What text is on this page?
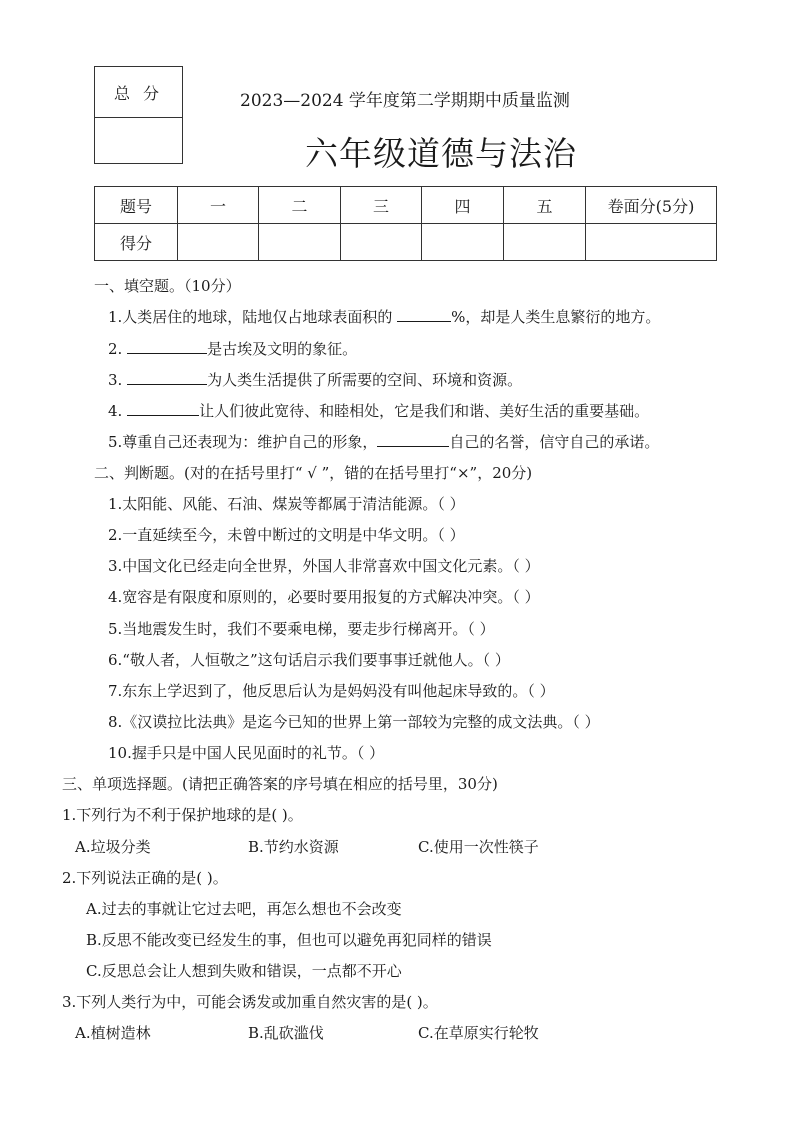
总 分	2023—2024 学年度第二学期期中质量监测
六年级道德与法治
题号	一	二	三	四	五	卷面分(5分)
得分						
一、填空题。（10分）
1.人类居住的地球，陆地仅占地球表面积的	%，却是人类生息繁衍的地方。
2.	是古埃及文明的象征。
3.	为人类生活提供了所需要的空间、环境和资源。
4.	让人们彼此宽待、和睦相处，它是我们和谐、美好生活的重要基础。
5.尊重自己还表现为：维护自己的形象，	自己的名誉，信守自己的承诺。
二、判断题。(对的在括号里打“ √ ”，错的在括号里打“×”，20分)
1.太阳能、风能、石油、煤炭等都属于清洁能源。（ ）
2.一直延续至今，未曾中断过的文明是中华文明。（ ）
3.中国文化已经走向全世界，外国人非常喜欢中国文化元素。（ ）
4.宽容是有限度和原则的，必要时要用报复的方式解决冲突。（ ）
5.当地震发生时，我们不要乘电梯，要走步行梯离开。（ ）
6.“敬人者，人恒敬之”这句话启示我们要事事迁就他人。（ ）
7.东东上学迟到了，他反思后认为是妈妈没有叫他起床导致的。（ ）
8.《汉谟拉比法典》是迄今已知的世界上第一部较为完整的成文法典。（ ）
10.握手只是中国人民见面时的礼节。（ ）
三、单项选择题。(请把正确答案的序号填在相应的括号里，30分)
1.下列行为不利于保护地球的是( )。
A.垃圾分类	B.节约水资源	C.使用一次性筷子
2.下列说法正确的是( )。
A.过去的事就让它过去吧，再怎么想也不会改变
B.反思不能改变已经发生的事，但也可以避免再犯同样的错误
C.反思总会让人想到失败和错误，一点都不开心
3.下列人类行为中，可能会诱发或加重自然灾害的是( )。
A.植树造林	B.乱砍滥伐	C.在草原实行轮牧
